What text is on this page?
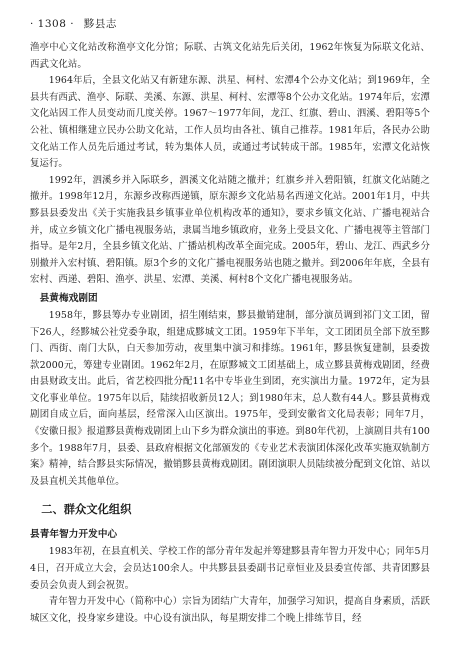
· 1308 · 黟县志

渔亭中心文化站改称渔亭文化分馆；际联、古筑文化站先后关闭，1962年恢复为际联文化站、西武文化站。

1964年后，全县文化站又有新建东源、洪星、柯村、宏潭4个公办文化站；到1969年，全县共有西武、渔亭、际联、美溪、东源、洪星、柯村、宏潭等8个公办文化站。1974年后，宏潭文化站因工作人员变动而几度关停。1967～1977年间，龙江、红旗、碧山、泗溪、碧阳等5个公社、镇相继建立民办公助文化站，工作人员均由各社、镇自己推荐。1981年后，各民办公助文化站工作人员先后通过考试，转为集体人员，或通过考试转成干部。1985年，宏潭文化站恢复运行。

1992年，泗溪乡并入际联乡，泗溪文化站随之撤并；红旗乡并入碧阳镇，红旗文化站随之撤并。1998年12月，东源乡改称西递镇，原东源乡文化站易名西递文化站。2001年1月，中共黟县县委发出《关于实施我县乡镇事业单位机构改革的通知》，要求乡镇文化站、广播电视站合并，成立乡镇文化广播电视服务站，隶属当地乡镇政府，业务上受县文化、广播电视等主管部门指导。是年2月，全县乡镇文化站、广播站机构改革全面完成。2005年，碧山、龙江、西武乡分别撤并入宏村镇、碧阳镇。原3个乡的文化广播电视服务站也随之撤并。到2006年年底，全县有宏村、西递、碧阳、渔亭、洪星、宏潭、美溪、柯村8个文化广播电视服务站。

县黄梅戏剧团

1958年，黟县筹办专业剧团，招生刚结束，黟县撤销建制，部分演员调到祁门文工团，留下26人，经黟城公社党委争取，组建成黟城文工团。1959年下半年，文工团团员全部下放至黟门、西街、南门大队，白天参加劳动，夜里集中演习和排练。1961年，黟县恢复建制，县委拨款2000元，筹建专业剧团。1962年2月，在原黟城文工团基础上，成立黟县黄梅戏剧团，经费由县财政支出。此后，省艺校四批分配11名中专毕业生到团，充实演出力量。1972年，定为县文化事业单位。1975年以后，陆续招收新员12人；到1980年末，总人数有44人。黟县黄梅戏剧团自成立后，面向基层，经常深入山区演出。1975年，受到安徽省文化局表彰；同年7月，《安徽日报》报道黟县黄梅戏剧团上山下乡为群众演出的事迹。到80年代初，上演剧目共有100多个。1988年7月，县委、县政府根据文化部颁发的《专业艺术表演团体深化改革实施双轨制方案》精神，结合黟县实际情况，撤销黟县黄梅戏剧团。剧团演职人员陆续被分配到文化馆、站以及县直机关其他单位。

二、群众文化组织
县青年智力开发中心

1983年初，在县直机关、学校工作的部分青年发起并筹建黟县青年智力开发中心；同年5月4日，召开成立大会，会员达100余人。中共黟县县委副书记章恒业及县委宣传部、共青团黟县委员会负责人到会祝贺。

青年智力开发中心（简称中心）宗旨为团结广大青年，加强学习知识，提高自身素质，活跃城区文化，投身家乡建设。中心设有演出队，每星期安排二个晚上排练节目，经
